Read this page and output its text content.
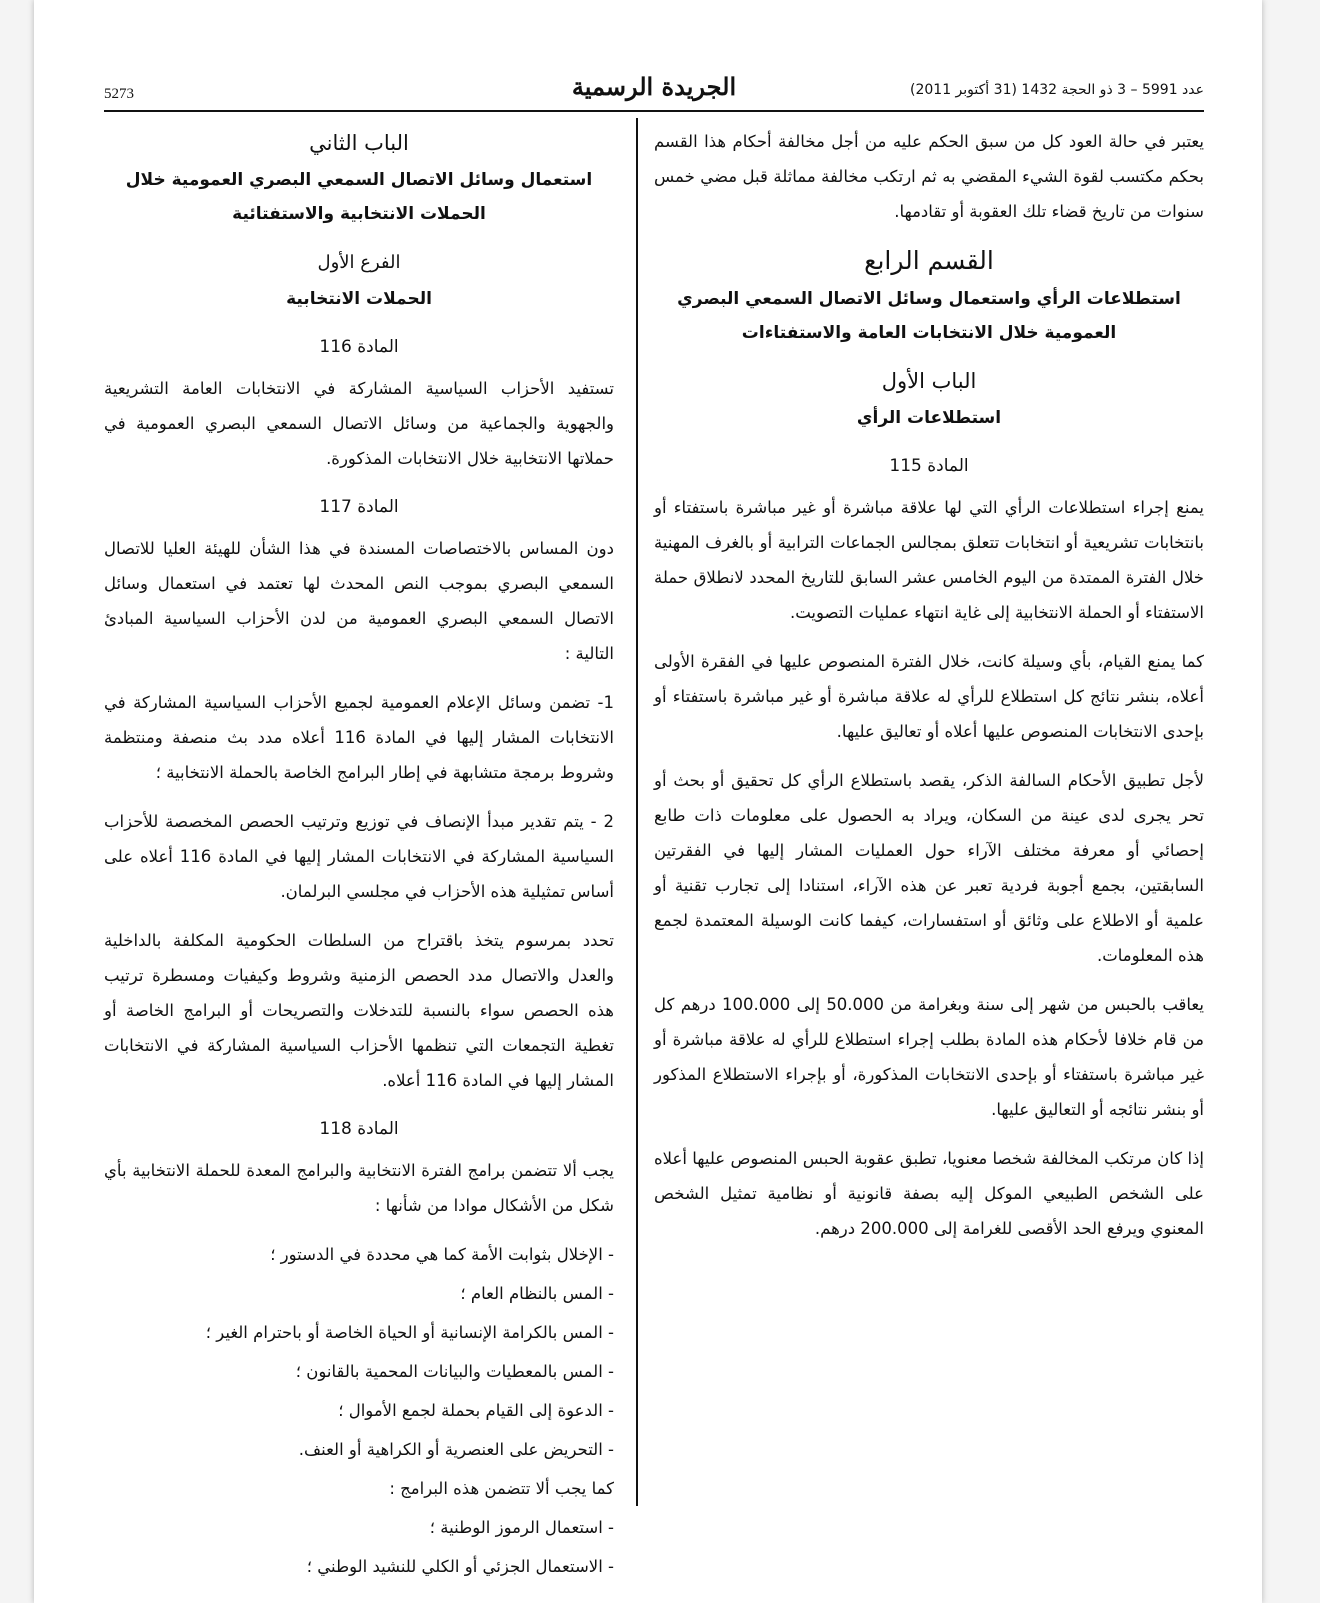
5273	الجريدة الرسمية	عدد 5991 – 3 ذو الحجة 1432 (31 أكتوبر 2011)

يعتبر في حالة العود كل من سبق الحكم عليه من أجل مخالفة أحكام هذا القسم بحكم مكتسب لقوة الشيء المقضي به ثم ارتكب مخالفة مماثلة قبل مضي خمس سنوات من تاريخ قضاء تلك العقوبة أو تقادمها.

القسم الرابع

استطلاعات الرأي واستعمال وسائل الاتصال السمعي البصري العمومية خلال الانتخابات العامة والاستفتاءات

الباب الأول

استطلاعات الرأي

المادة 115

يمنع إجراء استطلاعات الرأي التي لها علاقة مباشرة أو غير مباشرة باستفتاء أو بانتخابات تشريعية أو انتخابات تتعلق بمجالس الجماعات الترابية أو بالغرف المهنية خلال الفترة الممتدة من اليوم الخامس عشر السابق للتاريخ المحدد لانطلاق حملة الاستفتاء أو الحملة الانتخابية إلى غاية انتهاء عمليات التصويت.

كما يمنع القيام، بأي وسيلة كانت، خلال الفترة المنصوص عليها في الفقرة الأولى أعلاه، بنشر نتائج كل استطلاع للرأي له علاقة مباشرة أو غير مباشرة باستفتاء أو بإحدى الانتخابات المنصوص عليها أعلاه أو تعاليق عليها.

لأجل تطبيق الأحكام السالفة الذكر، يقصد باستطلاع الرأي كل تحقيق أو بحث أو تحر يجرى لدى عينة من السكان، ويراد به الحصول على معلومات ذات طابع إحصائي أو معرفة مختلف الآراء حول العمليات المشار إليها في الفقرتين السابقتين، بجمع أجوبة فردية تعبر عن هذه الآراء، استنادا إلى تجارب تقنية أو علمية أو الاطلاع على وثائق أو استفسارات، كيفما كانت الوسيلة المعتمدة لجمع هذه المعلومات.

يعاقب بالحبس من شهر إلى سنة وبغرامة من 50.000 إلى 100.000 درهم كل من قام خلافا لأحكام هذه المادة بطلب إجراء استطلاع للرأي له علاقة مباشرة أو غير مباشرة باستفتاء أو بإحدى الانتخابات المذكورة، أو بإجراء الاستطلاع المذكور أو بنشر نتائجه أو التعاليق عليها.

إذا كان مرتكب المخالفة شخصا معنويا، تطبق عقوبة الحبس المنصوص عليها أعلاه على الشخص الطبيعي الموكل إليه بصفة قانونية أو نظامية تمثيل الشخص المعنوي ويرفع الحد الأقصى للغرامة إلى 200.000 درهم.

الباب الثاني

استعمال وسائل الاتصال السمعي البصري العمومية خلال الحملات الانتخابية والاستفتائية

الفرع الأول

الحملات الانتخابية

المادة 116

تستفيد الأحزاب السياسية المشاركة في الانتخابات العامة التشريعية والجهوية والجماعية من وسائل الاتصال السمعي البصري العمومية في حملاتها الانتخابية خلال الانتخابات المذكورة.

المادة 117

دون المساس بالاختصاصات المسندة في هذا الشأن للهيئة العليا للاتصال السمعي البصري بموجب النص المحدث لها تعتمد في استعمال وسائل الاتصال السمعي البصري العمومية من لدن الأحزاب السياسية المبادئ التالية :

1- تضمن وسائل الإعلام العمومية لجميع الأحزاب السياسية المشاركة في الانتخابات المشار إليها في المادة 116 أعلاه مدد بث منصفة ومنتظمة وشروط برمجة متشابهة في إطار البرامج الخاصة بالحملة الانتخابية ؛

2 - يتم تقدير مبدأ الإنصاف في توزيع وترتيب الحصص المخصصة للأحزاب السياسية المشاركة في الانتخابات المشار إليها في المادة 116 أعلاه على أساس تمثيلية هذه الأحزاب في مجلسي البرلمان.

تحدد بمرسوم يتخذ باقتراح من السلطات الحكومية المكلفة بالداخلية والعدل والاتصال مدد الحصص الزمنية وشروط وكيفيات ومسطرة ترتيب هذه الحصص سواء بالنسبة للتدخلات والتصريحات أو البرامج الخاصة أو تغطية التجمعات التي تنظمها الأحزاب السياسية المشاركة في الانتخابات المشار إليها في المادة 116 أعلاه.

المادة 118

يجب ألا تتضمن برامج الفترة الانتخابية والبرامج المعدة للحملة الانتخابية بأي شكل من الأشكال موادا من شأنها :

- الإخلال بثوابت الأمة كما هي محددة في الدستور ؛
- المس بالنظام العام ؛
- المس بالكرامة الإنسانية أو الحياة الخاصة أو باحترام الغير ؛
- المس بالمعطيات والبيانات المحمية بالقانون ؛
- الدعوة إلى القيام بحملة لجمع الأموال ؛
- التحريض على العنصرية أو الكراهية أو العنف.

كما يجب ألا تتضمن هذه البرامج :

- استعمال الرموز الوطنية ؛
- الاستعمال الجزئي أو الكلي للنشيد الوطني ؛
